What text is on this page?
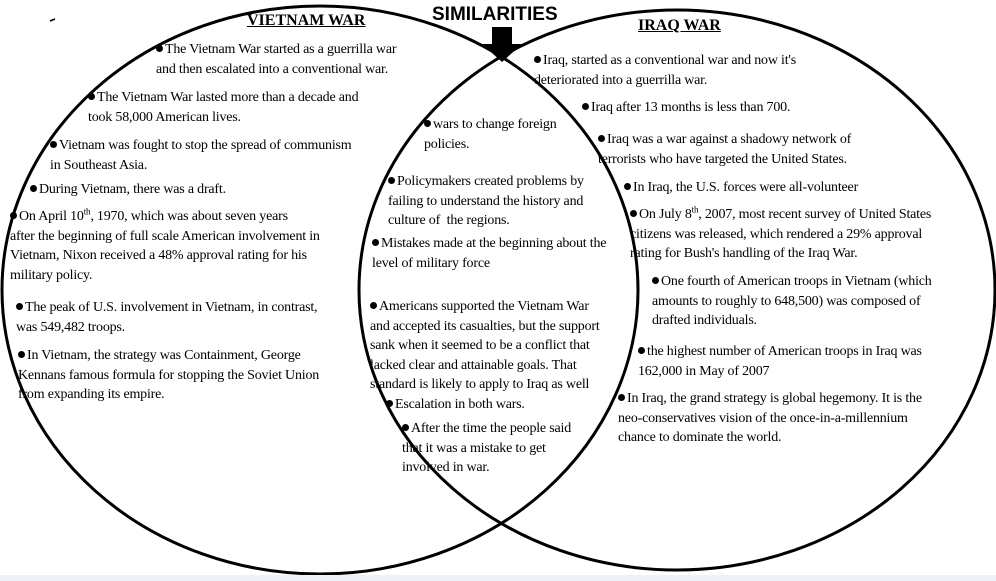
SIMILARITIES
VIETNAM WAR	IRAQ WAR
The Vietnam War started as a guerrilla war
and then escalated into a conventional war.
The Vietnam War lasted more than a decade and
took 58,000 American lives.
Vietnam was fought to stop the spread of communism
in Southeast Asia.
During Vietnam, there was a draft.
On April 10th, 1970, which was about seven years
after the beginning of full scale American involvement in
Vietnam, Nixon received a 48% approval rating for his
military policy.
The peak of U.S. involvement in Vietnam, in contrast,
was 549,482 troops.
In Vietnam, the strategy was Containment, George
Kennans famous formula for stopping the Soviet Union
from expanding its empire.
wars to change foreign
policies.
Policymakers created problems by
failing to understand the history and
culture of  the regions.
Mistakes made at the beginning about the
level of military force
Americans supported the Vietnam War
and accepted its casualties, but the support
sank when it seemed to be a conflict that
lacked clear and attainable goals. That
standard is likely to apply to Iraq as well
Escalation in both wars.
After the time the people said
that it was a mistake to get
involved in war.
Iraq, started as a conventional war and now it's
deteriorated into a guerrilla war.
Iraq after 13 months is less than 700.
Iraq was a war against a shadowy network of
terrorists who have targeted the United States.
In Iraq, the U.S. forces were all-volunteer
On July 8th, 2007, most recent survey of United States
citizens was released, which rendered a 29% approval
rating for Bush's handling of the Iraq War.
One fourth of American troops in Vietnam (which
amounts to roughly to 648,500) was composed of
drafted individuals.
the highest number of American troops in Iraq was
162,000 in May of 2007
In Iraq, the grand strategy is global hegemony. It is the
neo-conservatives vision of the once-in-a-millennium
chance to dominate the world.
